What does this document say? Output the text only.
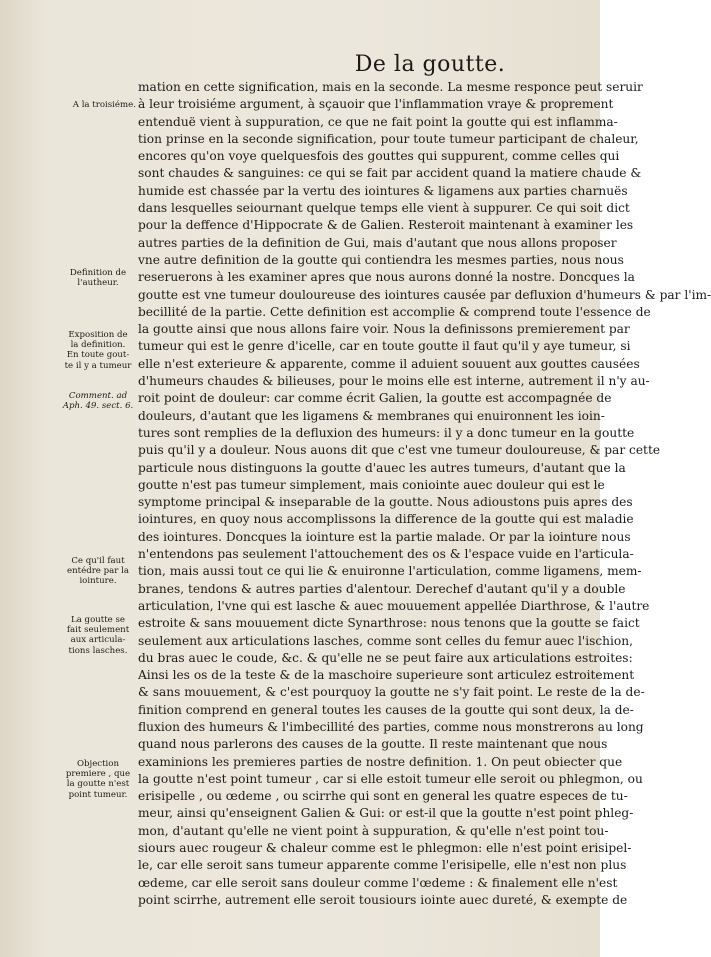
De la goutte.
mation en cette signification, mais en la seconde. La mesme responce peut seruir
à leur troisiéme argument, à sçauoir que l'inflammation vraye & proprement
entenduë vient à suppuration, ce que ne fait point la goutte qui est inflamma-
tion prinse en la seconde signification, pour toute tumeur participant de chaleur,
encores qu'on voye quelquesfois des gouttes qui suppurent, comme celles qui
sont chaudes & sanguines: ce qui se fait par accident quand la matiere chaude &
humide est chassée par la vertu des iointures & ligamens aux parties charnuës
dans lesquelles seiournant quelque temps elle vient à suppurer. Ce qui soit dict
pour la deffence d'Hippocrate & de Galien. Resteroit maintenant à examiner les
autres parties de la definition de Gui, mais d'autant que nous allons proposer
vne autre definition de la goutte qui contiendra les mesmes parties, nous nous
reseruerons à les examiner apres que nous aurons donné la nostre. Doncques la
goutte est vne tumeur douloureuse des iointures causée par defluxion d'humeurs & par l'im-
becillité de la partie. Cette definition est accomplie & comprend toute l'essence de
la goutte ainsi que nous allons faire voir. Nous la definissons premierement par
tumeur qui est le genre d'icelle, car en toute goutte il faut qu'il y aye tumeur, si
elle n'est exterieure & apparente, comme il aduient souuent aux gouttes causées
d'humeurs chaudes & bilieuses, pour le moins elle est interne, autrement il n'y au-
roit point de douleur: car comme écrit Galien, la goutte est accompagnée de
douleurs, d'autant que les ligamens & membranes qui enuironnent les ioin-
tures sont remplies de la defluxion des humeurs: il y a donc tumeur en la goutte
puis qu'il y a douleur. Nous auons dit que c'est vne tumeur douloureuse, & par cette
particule nous distinguons la goutte d'auec les autres tumeurs, d'autant que la
goutte n'est pas tumeur simplement, mais coniointe auec douleur qui est le
symptome principal & inseparable de la goutte. Nous adioustons puis apres des
iointures, en quoy nous accomplissons la difference de la goutte qui est maladie
des iointures. Doncques la iointure est la partie malade. Or par la iointure nous
n'entendons pas seulement l'attouchement des os & l'espace vuide en l'articula-
tion, mais aussi tout ce qui lie & enuironne l'articulation, comme ligamens, mem-
branes, tendons & autres parties d'alentour. Derechef d'autant qu'il y a double
articulation, l'vne qui est lasche & auec mouuement appellée Diarthrose, & l'autre
estroite & sans mouuement dicte Synarthrose: nous tenons que la goutte se faict
seulement aux articulations lasches, comme sont celles du femur auec l'ischion,
du bras auec le coude, &c. & qu'elle ne se peut faire aux articulations estroites:
Ainsi les os de la teste & de la maschoire superieure sont articulez estroitement
& sans mouuement, & c'est pourquoy la goutte ne s'y fait point. Le reste de la de-
finition comprend en general toutes les causes de la goutte qui sont deux, la de-
fluxion des humeurs & l'imbecillité des parties, comme nous monstrerons au long
quand nous parlerons des causes de la goutte. Il reste maintenant que nous
examinions les premieres parties de nostre definition. 1. On peut obiecter que
la goutte n'est point tumeur , car si elle estoit tumeur elle seroit ou phlegmon, ou
erisipelle , ou œdeme , ou scirrhe qui sont en general les quatre especes de tu-
meur, ainsi qu'enseignent Galien & Gui: or est-il que la goutte n'est point phleg-
mon, d'autant qu'elle ne vient point à suppuration, & qu'elle n'est point tou-
siours auec rougeur & chaleur comme est le phlegmon: elle n'est point erisipel-
le, car elle seroit sans tumeur apparente comme l'erisipelle, elle n'est non plus
œdeme, car elle seroit sans douleur comme l'œdeme : & finalement elle n'est
point scirrhe, autrement elle seroit tousiours iointe auec dureté, & exempte de
A la troisiéme.
Definition de
l'autheur.
Exposition de
la definition.
En toute gout-
te il y a tumeur
Comment. ad
Aph. 49. sect. 6.
Ce qu'il faut
entédre par la
iointure.
La goutte se
fait seulement
aux articula-
tions lasches.
Objection
premiere , que
la goutte n'est
point tumeur.
